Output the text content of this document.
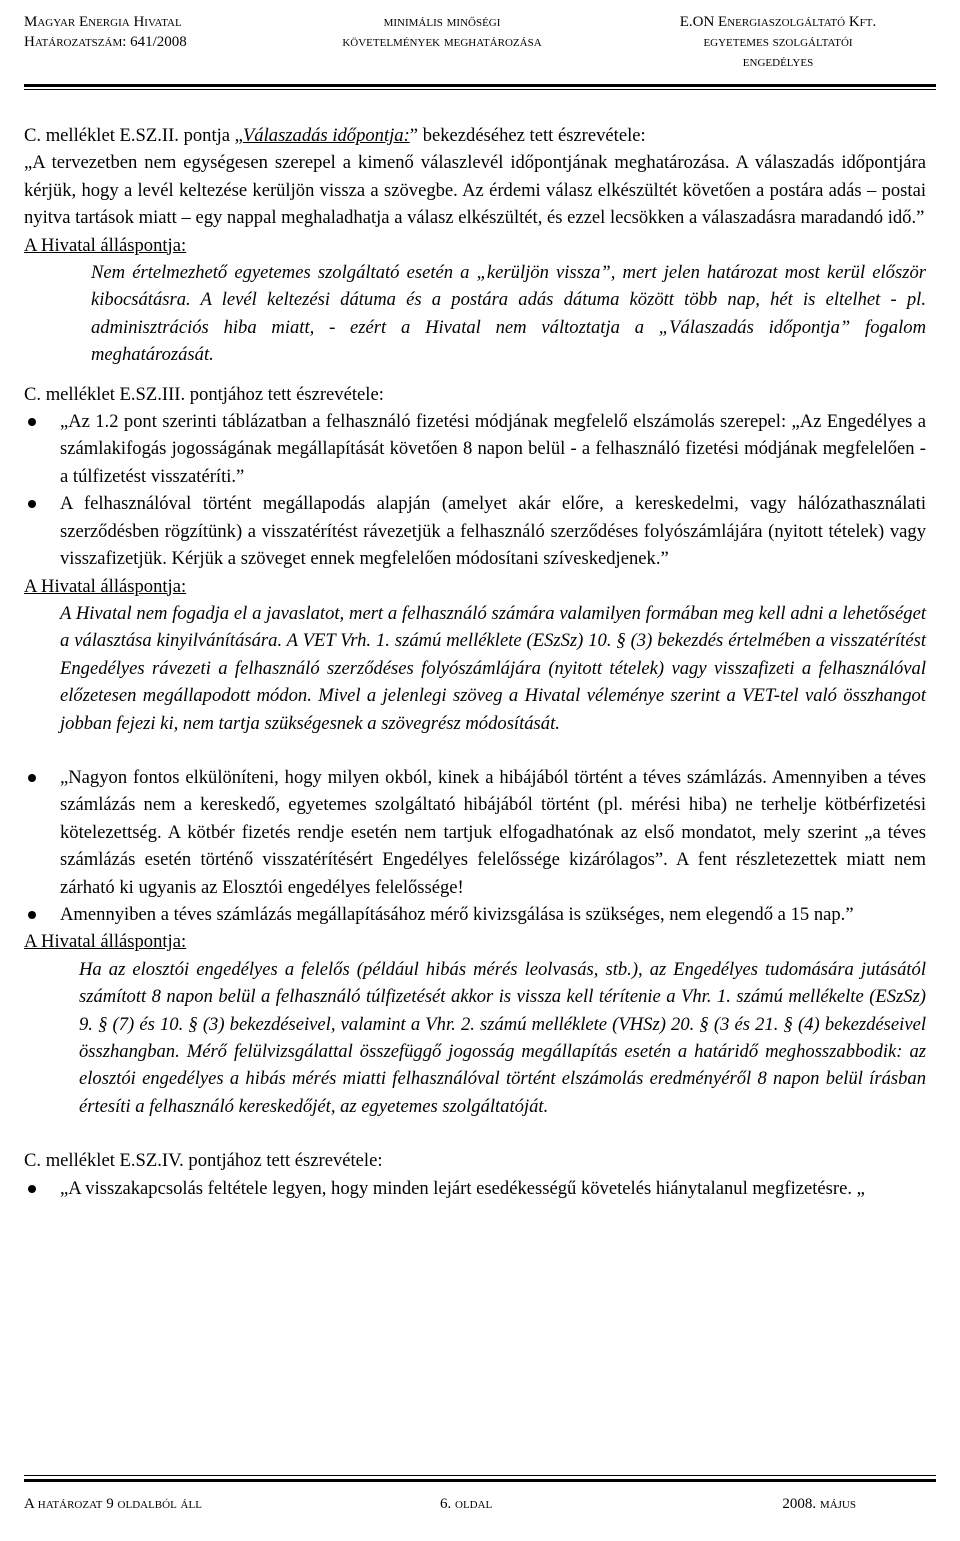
Magyar Energia Hivatal
Határozatszám: 641/2008
minimális minőségi
követelmények meghatározása
E.ON Energiaszolgáltató Kft.
egyetemes szolgáltatói
engedélyes

C. melléklet E.SZ.II. pontja „Válaszadás időpontja:” bekezdéséhez tett észrevétele:

„A tervezetben nem egységesen szerepel a kimenő válaszlevél időpontjának meghatározása. A válaszadás időpontjára kérjük, hogy a levél keltezése kerüljön vissza a szövegbe. Az érdemi válasz elkészültét követően a postára adás – postai nyitva tartások miatt – egy nappal meghaladhatja a válasz elkészültét, és ezzel lecsökken a válaszadásra maradandó idő.”

A Hivatal álláspontja:

Nem értelmezhető egyetemes szolgáltató esetén a „kerüljön vissza”, mert jelen határozat most kerül először kibocsátásra. A levél keltezési dátuma és a postára adás dátuma között több nap, hét is eltelhet - pl. adminisztrációs hiba miatt, - ezért a Hivatal nem változtatja a „Válaszadás időpontja” fogalom meghatározását.

C. melléklet E.SZ.III. pontjához tett észrevétele:

„Az 1.2 pont szerinti táblázatban a felhasználó fizetési módjának megfelelő elszámolás szerepel: „Az Engedélyes a számlakifogás jogosságának megállapítását követően 8 napon belül - a felhasználó fizetési módjának megfelelően - a túlfizetést visszatéríti.”

A felhasználóval történt megállapodás alapján (amelyet akár előre, a kereskedelmi, vagy hálózathasználati szerződésben rögzítünk) a visszatérítést rávezetjük a felhasználó szerződéses folyószámlájára (nyitott tételek) vagy visszafizetjük. Kérjük a szöveget ennek megfelelően módosítani szíveskedjenek.”

A Hivatal álláspontja:

A Hivatal nem fogadja el a javaslatot, mert a felhasználó számára valamilyen formában meg kell adni a lehetőséget a választása kinyilvánítására. A VET Vrh. 1. számú melléklete (ESzSz) 10. § (3) bekezdés értelmében a visszatérítést Engedélyes rávezeti a felhasználó szerződéses folyószámlájára (nyitott tételek) vagy visszafizeti a felhasználóval előzetesen megállapodott módon. Mivel a jelenlegi szöveg a Hivatal véleménye szerint a VET-tel való összhangot jobban fejezi ki, nem tartja szükségesnek a szövegrész módosítását.

„Nagyon fontos elkülöníteni, hogy milyen okból, kinek a hibájából történt a téves számlázás. Amennyiben a téves számlázás nem a kereskedő, egyetemes szolgáltató hibájából történt (pl. mérési hiba) ne terhelje kötbérfizetési kötelezettség. A kötbér fizetés rendje esetén nem tartjuk elfogadhatónak az első mondatot, mely szerint „a téves számlázás esetén történő visszatérítésért Engedélyes felelőssége kizárólagos”. A fent részletezettek miatt nem zárható ki ugyanis az Elosztói engedélyes felelőssége!

Amennyiben a téves számlázás megállapításához mérő kivizsgálása is szükséges, nem elegendő a 15 nap.”

A Hivatal álláspontja:

Ha az elosztói engedélyes a felelős (például hibás mérés leolvasás, stb.), az Engedélyes tudomására jutásától számított 8 napon belül a felhasználó túlfizetését akkor is vissza kell térítenie a Vhr. 1. számú mellékelte (ESzSz) 9. § (7) és 10. § (3) bekezdéseivel, valamint a Vhr. 2. számú melléklete (VHSz) 20. § (3 és 21. § (4) bekezdéseivel összhangban. Mérő felülvizsgálattal összefüggő jogosság megállapítás esetén a határidő meghosszabbodik: az elosztói engedélyes a hibás mérés miatti felhasználóval történt elszámolás eredményéről 8 napon belül írásban értesíti a felhasználó kereskedőjét, az egyetemes szolgáltatóját.

C. melléklet E.SZ.IV. pontjához tett észrevétele:

„A visszakapcsolás feltétele legyen, hogy minden lejárt esedékességű követelés hiánytalanul megfizetésre. „

A határozat 9 oldalból áll	6. oldal	2008. május
